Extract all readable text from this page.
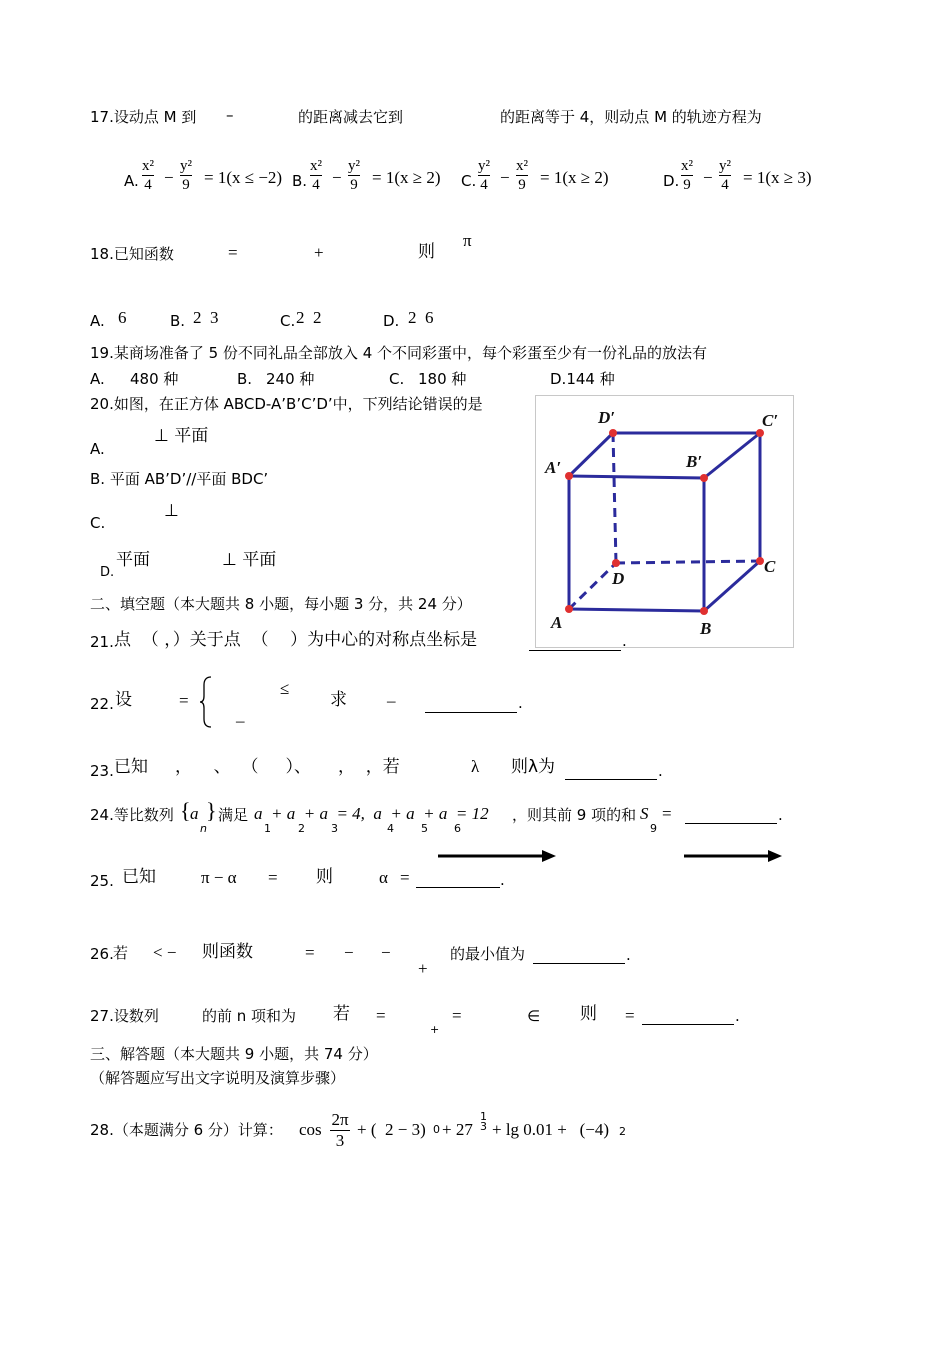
17.设动点 M 到 –	的距离减去它到	的距离等于 4，则动点 M 的轨迹方程为
A. $\frac{\text{x²}}{4} - \frac{\text{y²}}{9} = 1(x \le -2)$ B. $\frac{\text{x²}}{4} - \frac{\text{y²}}{9} = 1(x \ge 2)$ C. $\frac{\text{y²}}{4} - \frac{\text{x²}}{9} = 1(x \ge 2)$	D. $\frac{\text{x²}}{9} - \frac{\text{y²}}{4} = 1(x \ge 3)$
18.已知函数	=	+	则
π
A. 6	B. 2  3	C. 2  2	D. 2  6
19.某商场准备了 5 份不同礼品全部放入 4 个不同彩蛋中，每个彩蛋至少有一份礼品的放法有
A. 480 种	B. 240 种	C. 180 种	D.144 种
20.如图，在正方体 ABCD-A’B’C’D’中，下列结论错误的是
A.
⊥ 平面
B. 平面 AB’D’//平面 BDC’
C.
⊥
D.
平面	⊥ 平面
D′	C′
A′	B′
D
C
A	B
二、填空题（本大题共 8 小题，每小题 3 分，共 24 分）
21. 点  （ ，）关于点  （    ）为中心的对称点坐标是	.
22. 设	=
≤
–
求 –	.
23. 已知     ，    、  （     ）、     ，  ，若	λ 则λ为	.
24.等比数列 { a
n
} 满足 a  + a  + a  = 4,  a  + a  + a  = 12
1 2 3	4 5 6
，则其前 9 项的和 S
9
=	.
25. 已知	π − α = 则	α =	.
26. 若 < − 则函数	= − −
+
的最小值为	.
27.设数列	的前 n 项和为 若 =
+
=	∈ 则 =	.
三、解答题（本大题共 9 小题，共 74 分）
（解答题应写出文字说明及演算步骤）
28.（本题满分 6 分）计算： $\cos \frac{2\pi}{3}$ + (  2 − 3) 0 + 27
1
3 + lg 0.01 +   (−4) 2
